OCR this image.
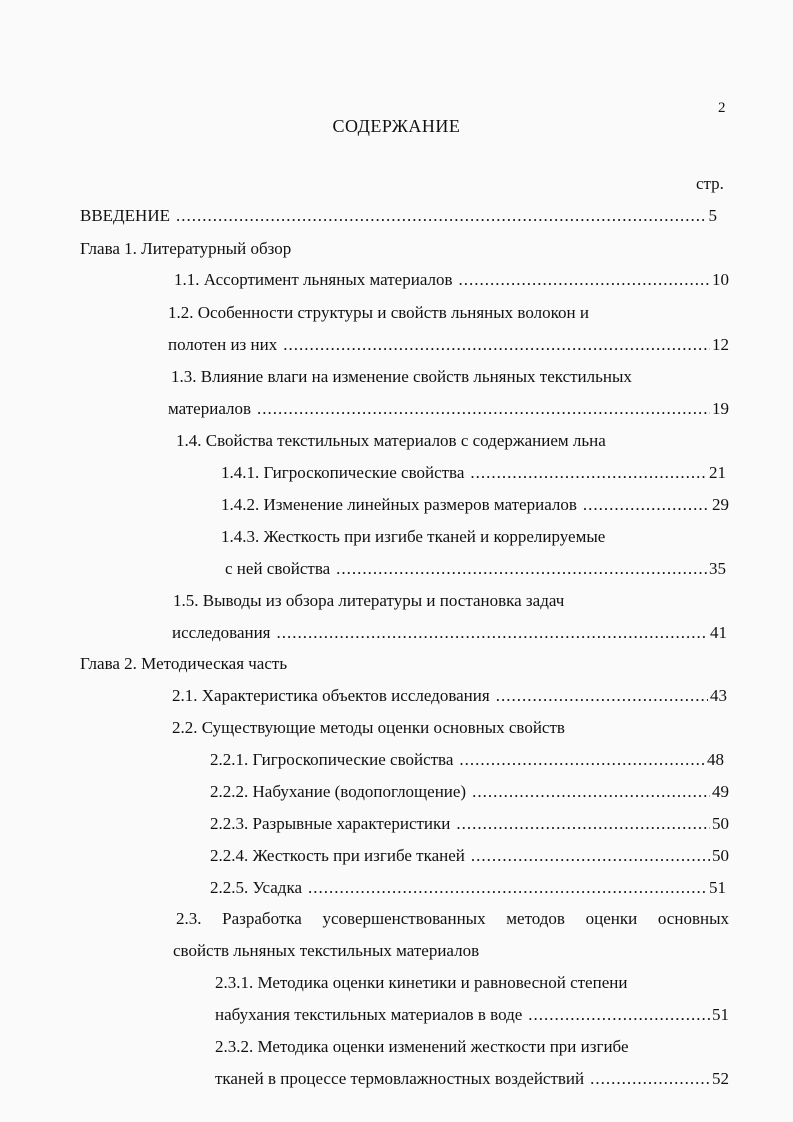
2
СОДЕРЖАНИЕ
стр.
ВВЕДЕНИЕ .....	5
Глава 1. Литературный обзор
1.1. Ассортимент льняных материалов .....	10
1.2. Особенности структуры и свойств льняных волокон и
полотен из них .....	12
1.3. Влияние влаги на изменение свойств льняных текстильных
материалов .....	19
1.4. Свойства текстильных материалов с содержанием льна
1.4.1. Гигроскопические свойства .....	21
1.4.2. Изменение линейных размеров материалов .....	29
1.4.3. Жесткость при изгибе тканей и коррелируемые
с ней свойства .....	35
1.5. Выводы из обзора литературы и постановка задач
исследования .....	41
Глава 2. Методическая часть
2.1. Характеристика объектов исследования .....	43
2.2. Существующие методы оценки основных свойств
2.2.1. Гигроскопические свойства .....	48
2.2.2. Набухание (водопоглощение) .....	49
2.2.3. Разрывные характеристики .....	50
2.2.4. Жесткость при изгибе тканей .....	50
2.2.5. Усадка .....	51
2.3. Разработка усовершенствованных методов оценки основных
свойств льняных текстильных материалов
2.3.1. Методика оценки кинетики и равновесной степени
набухания текстильных материалов в воде .....	51
2.3.2. Методика оценки изменений жесткости при изгибе
тканей в процессе термовлажностных воздействий .....	52
